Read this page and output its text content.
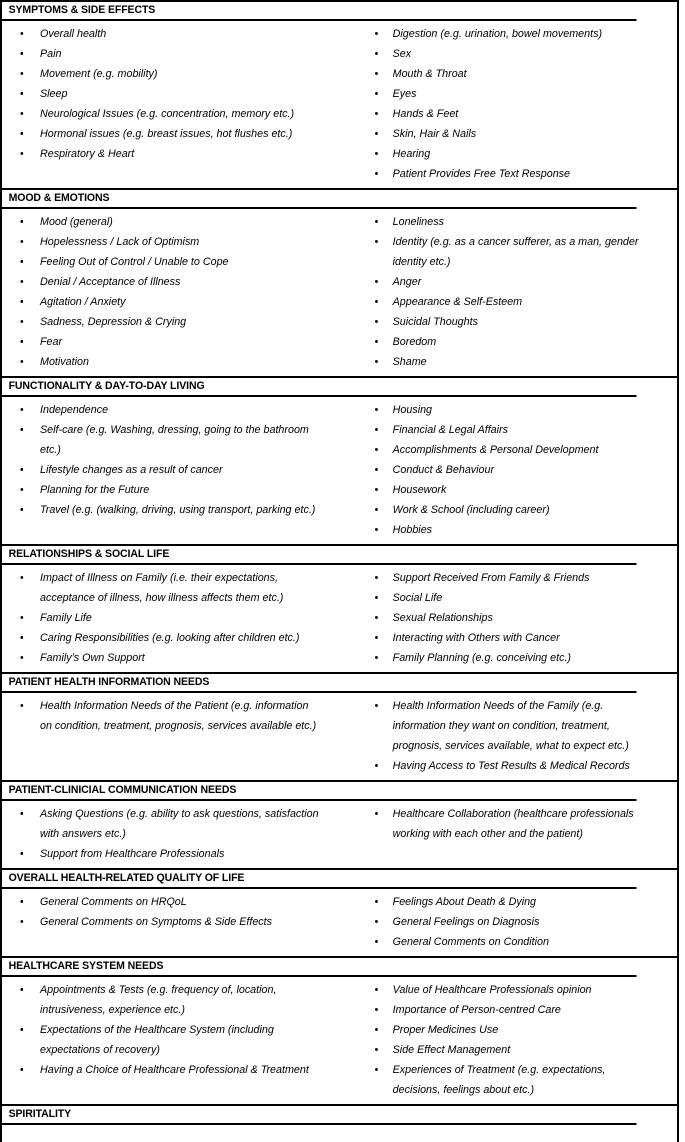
SYMPTOMS & SIDE EFFECTS
• Overall health
• Pain
• Movement (e.g. mobility)
• Sleep
• Neurological Issues (e.g. concentration, memory etc.)
• Hormonal issues (e.g. breast issues, hot flushes etc.)
• Respiratory & Heart
• Digestion (e.g. urination, bowel movements)
• Sex
• Mouth & Throat
• Eyes
• Hands & Feet
• Skin, Hair & Nails
• Hearing
• Patient Provides Free Text Response
MOOD & EMOTIONS
• Mood (general)
• Hopelessness / Lack of Optimism
• Feeling Out of Control / Unable to Cope
• Denial / Acceptance of Illness
• Agitation / Anxiety
• Sadness, Depression & Crying
• Fear
• Motivation
• Loneliness
• Identity (e.g. as a cancer sufferer, as a man, gender identity etc.)
• Anger
• Appearance & Self-Esteem
• Suicidal Thoughts
• Boredom
• Shame
FUNCTIONALITY & DAY-TO-DAY LIVING
• Independence
• Self-care (e.g. Washing, dressing, going to the bathroom etc.)
• Lifestyle changes as a result of cancer
• Planning for the Future
• Travel (e.g. (walking, driving, using transport, parking etc.)
• Housing
• Financial & Legal Affairs
• Accomplishments & Personal Development
• Conduct & Behaviour
• Housework
• Work & School (including career)
• Hobbies
RELATIONSHIPS & SOCIAL LIFE
• Impact of Illness on Family (i.e. their expectations, acceptance of illness, how illness affects them etc.)
• Family Life
• Caring Responsibilities (e.g. looking after children etc.)
• Family’s Own Support
• Support Received From Family & Friends
• Social Life
• Sexual Relationships
• Interacting with Others with Cancer
• Family Planning (e.g. conceiving etc.)
PATIENT HEALTH INFORMATION NEEDS
• Health Information Needs of the Patient (e.g. information on condition, treatment, prognosis, services available etc.)
• Health Information Needs of the Family (e.g. information they want on condition, treatment, prognosis, services available, what to expect etc.)
• Having Access to Test Results & Medical Records
PATIENT-CLINICIAL COMMUNICATION NEEDS
• Asking Questions (e.g. ability to ask questions, satisfaction with answers etc.)
• Support from Healthcare Professionals
• Healthcare Collaboration (healthcare professionals working with each other and the patient)
OVERALL HEALTH-RELATED QUALITY OF LIFE
• General Comments on HRQoL
• General Comments on Symptoms & Side Effects
• Feelings About Death & Dying
• General Feelings on Diagnosis
• General Comments on Condition
HEALTHCARE SYSTEM NEEDS
• Appointments & Tests (e.g. frequency of, location, intrusiveness, experience etc.)
• Expectations of the Healthcare System (including expectations of recovery)
• Having a Choice of Healthcare Professional & Treatment
• Value of Healthcare Professionals opinion
• Importance of Person-centred Care
• Proper Medicines Use
• Side Effect Management
• Experiences of Treatment (e.g. expectations, decisions, feelings about etc.)
SPIRITALITY
